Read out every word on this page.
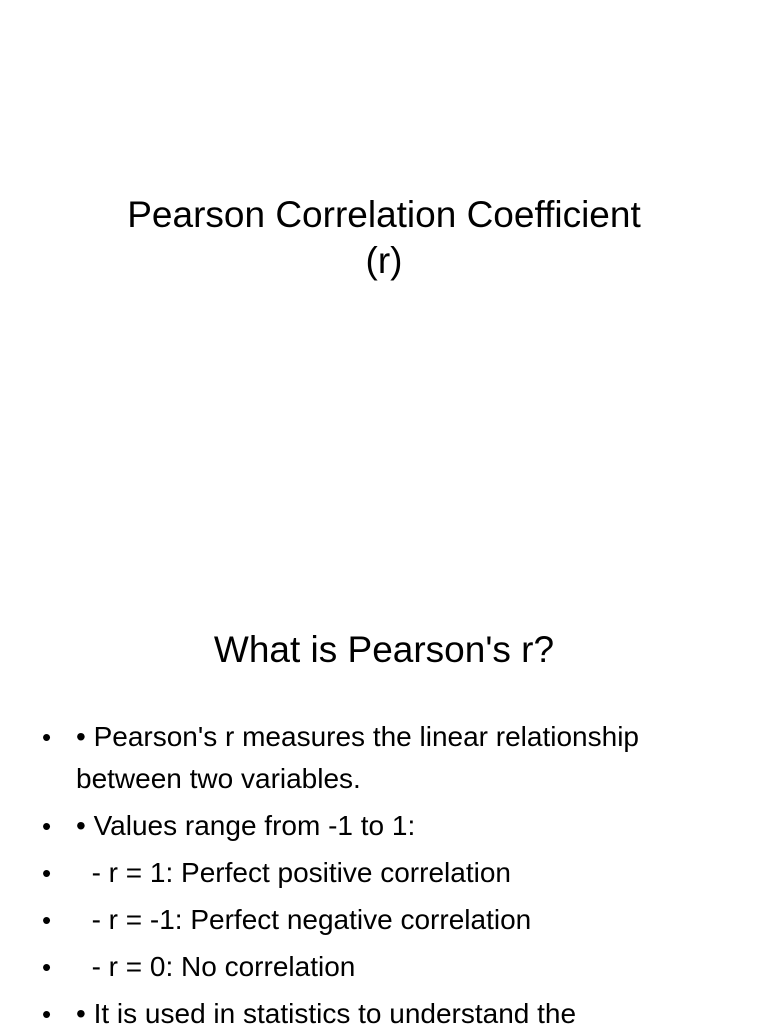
Pearson Correlation Coefficient
(r)
What is Pearson's r?
• • Pearson's r measures the linear relationship between two variables.
• • Values range from -1 to 1:
• - r = 1: Perfect positive correlation
• - r = -1: Perfect negative correlation
• - r = 0: No correlation
• • It is used in statistics to understand the
